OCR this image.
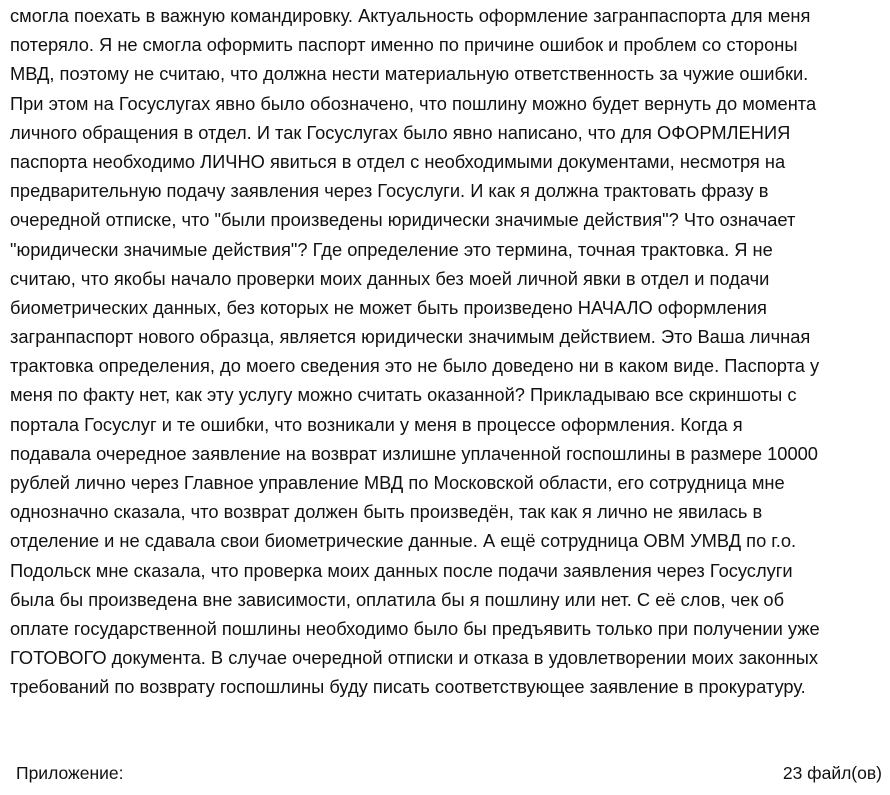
смогла поехать в важную командировку. Актуальность оформление загранпаспорта для меня
потеряло. Я не смогла оформить паспорт именно по причине ошибок и проблем со стороны
МВД, поэтому не считаю, что должна нести материальную ответственность за чужие ошибки.
При этом на Госуслугах явно было обозначено, что пошлину можно будет вернуть до момента
личного обращения в отдел. И так Госуслугах было явно написано, что для ОФОРМЛЕНИЯ
паспорта необходимо ЛИЧНО явиться в отдел с необходимыми документами, несмотря на
предварительную подачу заявления через Госуслуги. И как я должна трактовать фразу в
очередной отписке, что "были произведены юридически значимые действия"? Что означает
"юридически значимые действия"? Где определение это термина, точная трактовка. Я не
считаю, что якобы начало проверки моих данных без моей личной явки в отдел и подачи
биометрических данных, без которых не может быть произведено НАЧАЛО оформления
загранпаспорт нового образца, является юридически значимым действием. Это Ваша личная
трактовка определения, до моего сведения это не было доведено ни в каком виде. Паспорта у
меня по факту нет, как эту услугу можно считать оказанной? Прикладываю все скриншоты с
портала Госуслуг и те ошибки, что возникали у меня в процессе оформления. Когда я
подавала очередное заявление на возврат излишне уплаченной госпошлины в размере 10000
рублей лично через Главное управление МВД по Московской области, его сотрудница мне
однозначно сказала, что возврат должен быть произведён, так как я лично не явилась в
отделение и не сдавала свои биометрические данные. А ещё сотрудница ОВМ УМВД по г.о.
Подольск мне сказала, что проверка моих данных после подачи заявления через Госуслуги
была бы произведена вне зависимости, оплатила бы я пошлину или нет. С её слов, чек об
оплате государственной пошлины необходимо было бы предъявить только при получении уже
ГОТОВОГО документа. В случае очередной отписки и отказа в удовлетворении моих законных
требований по возврату госпошлины буду писать соответствующее заявление в прокуратуру.
Приложение:	23 файл(ов)
